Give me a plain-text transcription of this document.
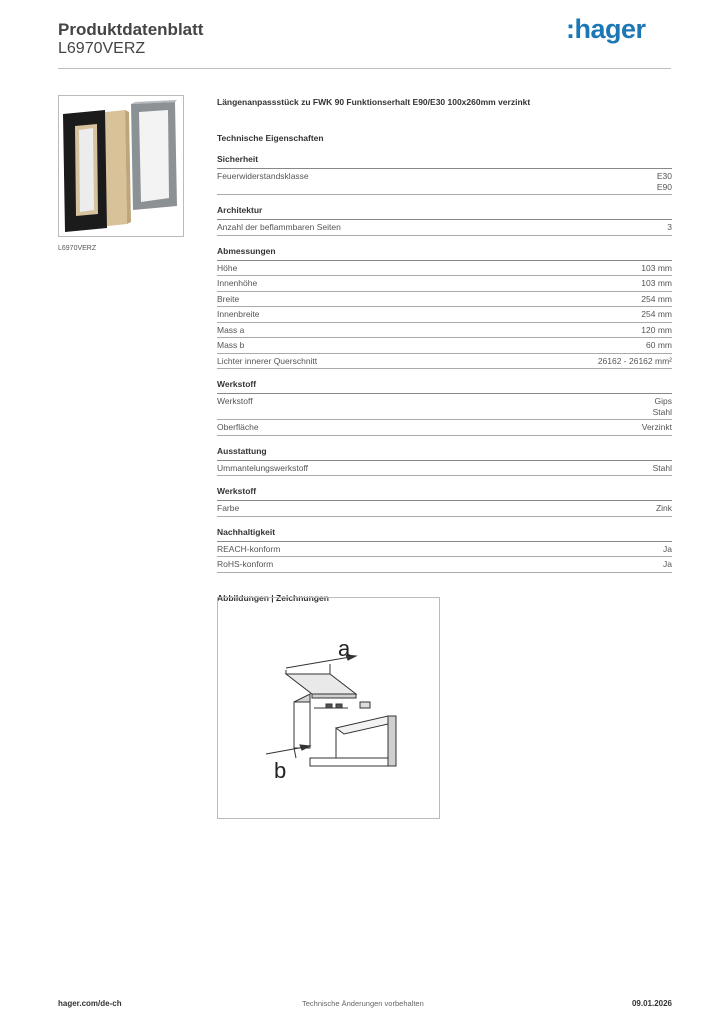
Produktdatenblatt
L6970VERZ
:hager
L6970VERZ
Längenanpassstück zu FWK 90 Funktionserhalt E90/E30 100x260mm verzinkt
Technische Eigenschaften
Sicherheit
Feuerwiderstandsklasse	E30
E90
Architektur
Anzahl der beflammbaren Seiten	3
Abmessungen
Höhe	103 mm
Innenhöhe	103 mm
Breite	254 mm
Innenbreite	254 mm
Mass a	120 mm
Mass b	60 mm
Lichter innerer Querschnitt	26162 - 26162 mm²
Werkstoff
Werkstoff	Gips
Stahl
Oberfläche	Verzinkt
Ausstattung
Ummantelungswerkstoff	Stahl
Werkstoff
Farbe	Zink
Nachhaltigkeit
REACH-konform	Ja
RoHS-konform	Ja
Abbildungen | Zeichnungen
a
b
hager.com/de-ch	Technische Änderungen vorbehalten	09.01.2026
